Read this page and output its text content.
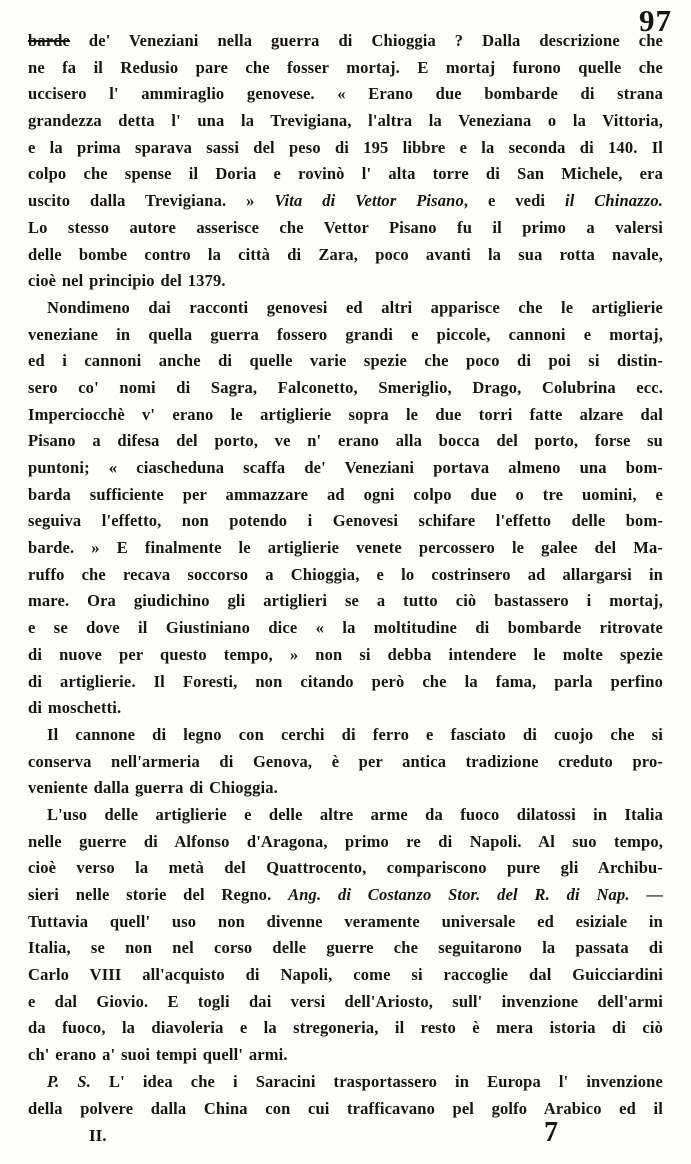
97
barde de' Veneziani nella guerra di Chioggia ? Dalla descrizione che
ne fa il Redusio pare che fosser mortaj. E mortaj furono quelle che
uccisero l' ammiraglio genovese. « Erano due bombarde di strana
grandezza detta l' una la Trevigiana, l'altra la Veneziana o la Vittoria,
e la prima sparava sassi del peso di 195 libbre e la seconda di 140. Il
colpo che spense il Doria e rovinò l' alta torre di San Michele, era
uscito dalla Trevigiana. » Vita di Vettor Pisano, e vedi il Chinazzo.
Lo stesso autore asserisce che Vettor Pisano fu il primo a valersi
delle bombe contro la città di Zara, poco avanti la sua rotta navale,
cioè nel principio del 1379.
Nondimeno dai racconti genovesi ed altri apparisce che le artiglierie
veneziane in quella guerra fossero grandi e piccole, cannoni e mortaj,
ed i cannoni anche di quelle varie spezie che poco di poi si distin-
sero co' nomi di Sagra, Falconetto, Smeriglio, Drago, Colubrina ecc.
Imperciocchè v' erano le artiglierie sopra le due torri fatte alzare dal
Pisano a difesa del porto, ve n' erano alla bocca del porto, forse su
puntoni; « ciascheduna scaffa de' Veneziani portava almeno una bom-
barda sufficiente per ammazzare ad ogni colpo due o tre uomini, e
seguiva l'effetto, non potendo i Genovesi schifare l'effetto delle bom-
barde. » E finalmente le artiglierie venete percossero le galee del Ma-
ruffo che recava soccorso a Chioggia, e lo costrinsero ad allargarsi in
mare. Ora giudichino gli artiglieri se a tutto ciò bastassero i mortaj,
e se dove il Giustiniano dice « la moltitudine di bombarde ritrovate
di nuove per questo tempo, » non si debba intendere le molte spezie
di artiglierie. Il Foresti, non citando però che la fama, parla perfino
di moschetti.
Il cannone di legno con cerchi di ferro e fasciato di cuojo che si
conserva nell'armeria di Genova, è per antica tradizione creduto pro-
veniente dalla guerra di Chioggia.
L'uso delle artiglierie e delle altre arme da fuoco dilatossi in Italia
nelle guerre di Alfonso d'Aragona, primo re di Napoli. Al suo tempo,
cioè verso la metà del Quattrocento, compariscono pure gli Archibu-
sieri nelle storie del Regno. Ang. di Costanzo Stor. del R. di Nap. —
Tuttavia quell' uso non divenne veramente universale ed esiziale in
Italia, se non nel corso delle guerre che seguitarono la passata di
Carlo VIII all'acquisto di Napoli, come si raccoglie dal Guicciardini
e dal Giovio. E togli dai versi dell'Ariosto, sull' invenzione dell'armi
da fuoco, la diavoleria e la stregoneria, il resto è mera istoria di ciò
ch' erano a' suoi tempi quell' armi.
P. S. L' idea che i Saracini trasportassero in Europa l' invenzione
della polvere dalla China con cui trafficavano pel golfo Arabico ed il
II.	7
